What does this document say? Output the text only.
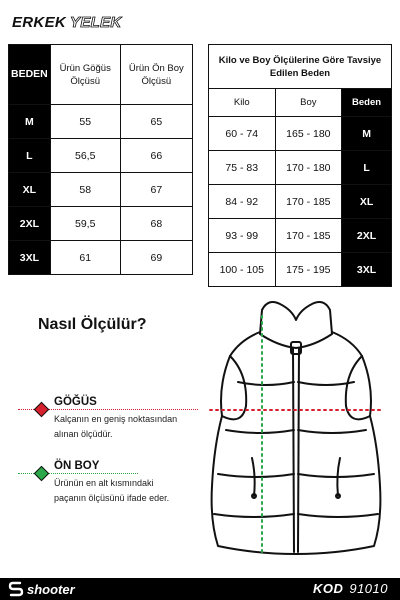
ERKEK YELEK
BEDEN	Ürün Göğüs Ölçüsü	Ürün Ön Boy Ölçüsü
M	55	65
L	56,5	66
XL	58	67
2XL	59,5	68
3XL	61	69
Kilo ve Boy Ölçülerine Göre Tavsiye Edilen Beden		
Kilo	Boy	Beden
60 - 74	165 - 180	M
75 - 83	170 - 180	L
84 - 92	170 - 185	XL
93 - 99	170 - 185	2XL
100 - 105	175 - 195	3XL
Nasıl Ölçülür?
GÖĞÜS
Kalçanın en geniş noktasından
alınan ölçüdür.
ÖN BOY
Ürünün en alt kısmındaki
paçanın ölçüsünü ifade eder.
shooter	KOD 91010
